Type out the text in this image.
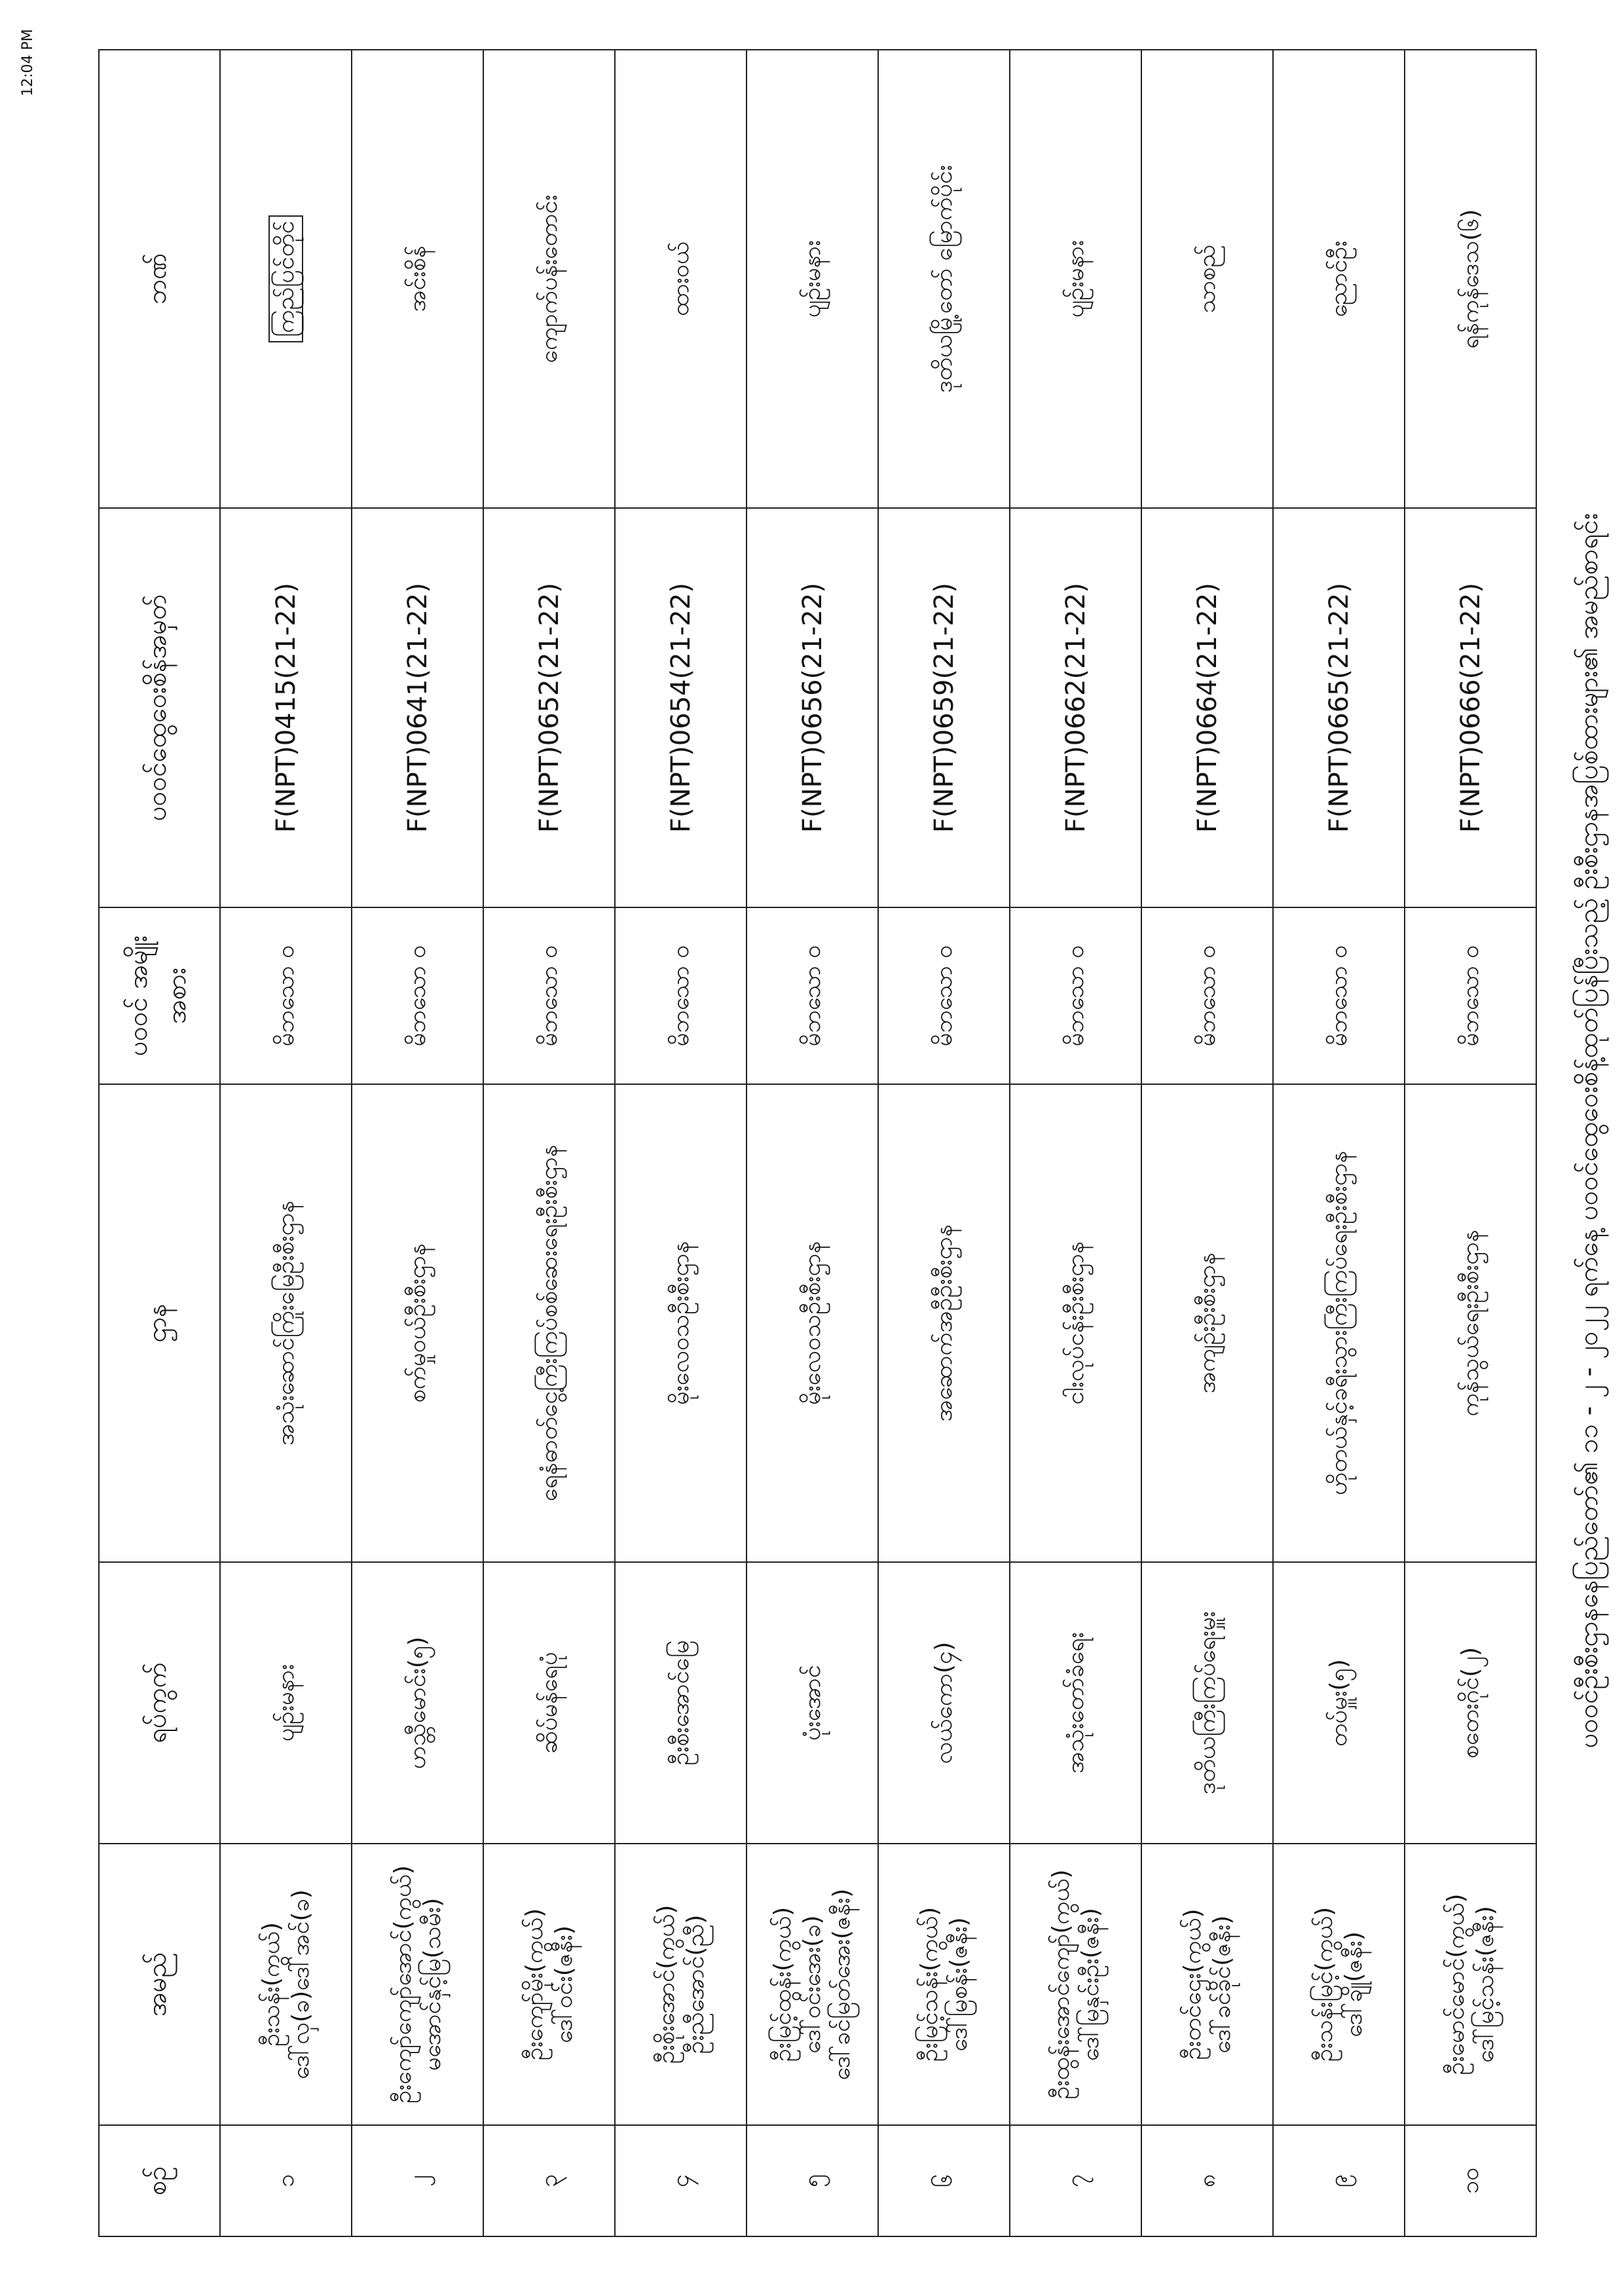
12:04 PM
စဉ်	အမည်	ရပ်ကွက်	ဌာန	ပဝဝင် အမျိုးအစား	ပဝဝင်ထွေဝေးစိန်အမှတ်	ဘဏ်
၁	ဦးသန်း(ကွယ်) ဒေါ်လှ(ခ)ဒေါ်အင်(ခ)	ပျဉ်းမနား	အသုံးဆောင်ကြိုးမြေဦးစီးဌာန	မိဘသော ဝ	F(NPT)0415(21-22)	ကြည်ပြင်တိုင်
၂	ဦးကျော်ကျော်အောင်(ကွယ်) မအောင်နှင့်မြ(သမီး)	ဟသ္တီမောင်း(၅)	စက်မှုဝယ်ဦးစီးဌာန	မိဘသော ဝ	F(NPT)0641(21-22)	အင်းစိန်
၃	ဦးကျော်မိုး(ကွယ်) ဒေါ်ဝင်း(ဇနီး)	ဆိပ်မန်ရေပုံ	ရေနံဓာတ်ငွေ့ကြီးကြပ်စစ်ဆေးရေးဦးစီးဌာန	မိဘသော ဝ	F(NPT)0652(21-22)	ကျောက်ပန်းတောင်း
၄	ဦးစိုးအောင်(ကွယ်) ဦးညီအောင်(ညီ)	ဦးစီးအောင်မြေ	မိုးလေဝသဦးစီးဌာန	မိဘသော ဝ	F(NPT)0654(21-22)	ထားဝယ်
၅	ဦးမြင့်ထွန်း(ကွယ်) ဒေါ်ဝင်းအေး(ခ) ဒေါ်ခင်မြတ်အေး(ဇနီး)	ပုံးအောင်	မိုးလေဝသဦးစီးဌာန	မိဘသော ဝ	F(NPT)0656(21-22)	ပျဉ်းမနား
၆	ဦးမြင့်သန်း(ကွယ်) ဒေါ်မြစန်း(ဇနီး)	လယ်ကော(၄)	အဆောက်အဦဦးစီးဌာန	မိဘသော ဝ	F(NPT)0659(21-22)	ဒုတိယမြို့တော် မြောက်ပိုင်း
၇	ဦးထွန်းအောင်ကျော်(ကွယ်) ဒေါ်မြနှင်းဦး(ဇနီး)	အသုံးတော်ခံရေး	ငါးလုပ်ငန်းဦးစီးဌာန	မိဘသော ဝ	F(NPT)0662(21-22)	ပျဉ်းမနား
၈	ဦးတင်ဌေး(ကွယ်) ဒေါ်ခင်ခိုင်(ဇနီး)	ဒုတိယကြီးကြပ်ရေးမှူး	အကျဉ်းဦးစီးဌာန	မိဘသော ဝ	F(NPT)0664(21-22)	သာစည်
၉	ဦးသန်းမြင့်(ကွယ်) ဒေါ်ချို(ဇနီး)	တပ်မှူး(၅)	ဟိုတယ်နှင့်ခရီးသွားကြီးကြပ်ရေးဦးစီးဌာန	မိဘသော ဝ	F(NPT)0665(21-22)	ညောင်ဦး
၁၀	ဦးမောင်မောင်(ကွယ်) ဒေါ်မြင့်သန်း(ဇနီး)	စတေးဂိုင်(၂)	ကုန်သွယ်ရေးဦးစီးဌာန	မိဘသော ဝ	F(NPT)0666(21-22)	ရန်ကုန်ဒေသ(၆)
ပဝဝင်ဦးစီးဌာနနေပြည်တော်၏ ၁၁ - ၂ - ၂၀၂၂ ရက်နေ့ ပဝဝင်ထွေဝေးစိန့်ထုတ်ပြန်ပြီးသည့် ဦးစီးဌာနအပြစ်ထားများ၏ အမည်စာရင်း
